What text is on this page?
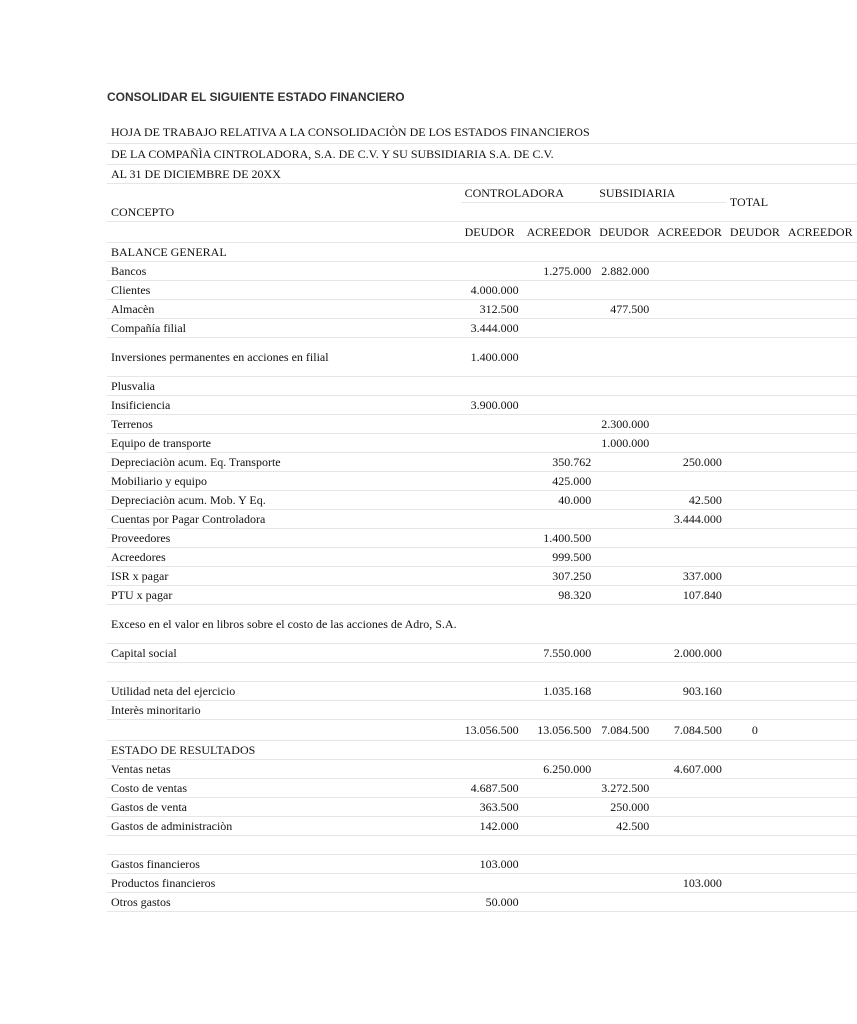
CONSOLIDAR EL SIGUIENTE ESTADO FINANCIERO
HOJA DE TRABAJO RELATIVA A LA CONSOLIDACIÒN DE LOS ESTADOS FINANCIEROS						
DE LA COMPAÑÌA CINTROLADORA, S.A. DE C.V. Y SU SUBSIDIARIA S.A. DE C.V.						
AL 31 DE DICIEMBRE DE 20XX						
CONCEPTO	CONTROLADORA		SUBSIDIARIA		TOTAL	

	DEUDOR	ACREEDOR	DEUDOR	ACREEDOR	DEUDOR	ACREEDOR
BALANCE GENERAL						
Bancos		1.275.000	2.882.000			
Clientes	4.000.000					
Almacèn	312.500		477.500			
Compañía filial	3.444.000					
Inversiones permanentes en acciones en filial	1.400.000					
Plusvalia						
Insificiencia	3.900.000					
Terrenos			2.300.000			
Equipo de transporte			1.000.000			
Depreciaciòn acum. Eq. Transporte		350.762		250.000		
Mobiliario y equipo		425.000				
Depreciaciòn acum. Mob. Y Eq.		40.000		42.500		
Cuentas por Pagar Controladora				3.444.000		
Proveedores		1.400.500				
Acreedores		999.500				
ISR x pagar		307.250		337.000		
PTU x pagar		98.320		107.840		
Exceso en el valor en libros sobre el costo de las acciones de Adro, S.A.						
Capital social		7.550.000		2.000.000		

Utilidad neta del ejercicio		1.035.168		903.160		
Interès minoritario						
	13.056.500	13.056.500	7.084.500	7.084.500	0	
ESTADO DE RESULTADOS						
Ventas netas		6.250.000		4.607.000		
Costo de ventas	4.687.500		3.272.500			
Gastos de venta	363.500		250.000			
Gastos de administraciòn	142.000		42.500			

Gastos financieros	103.000					
Productos financieros				103.000		
Otros gastos	50.000					
